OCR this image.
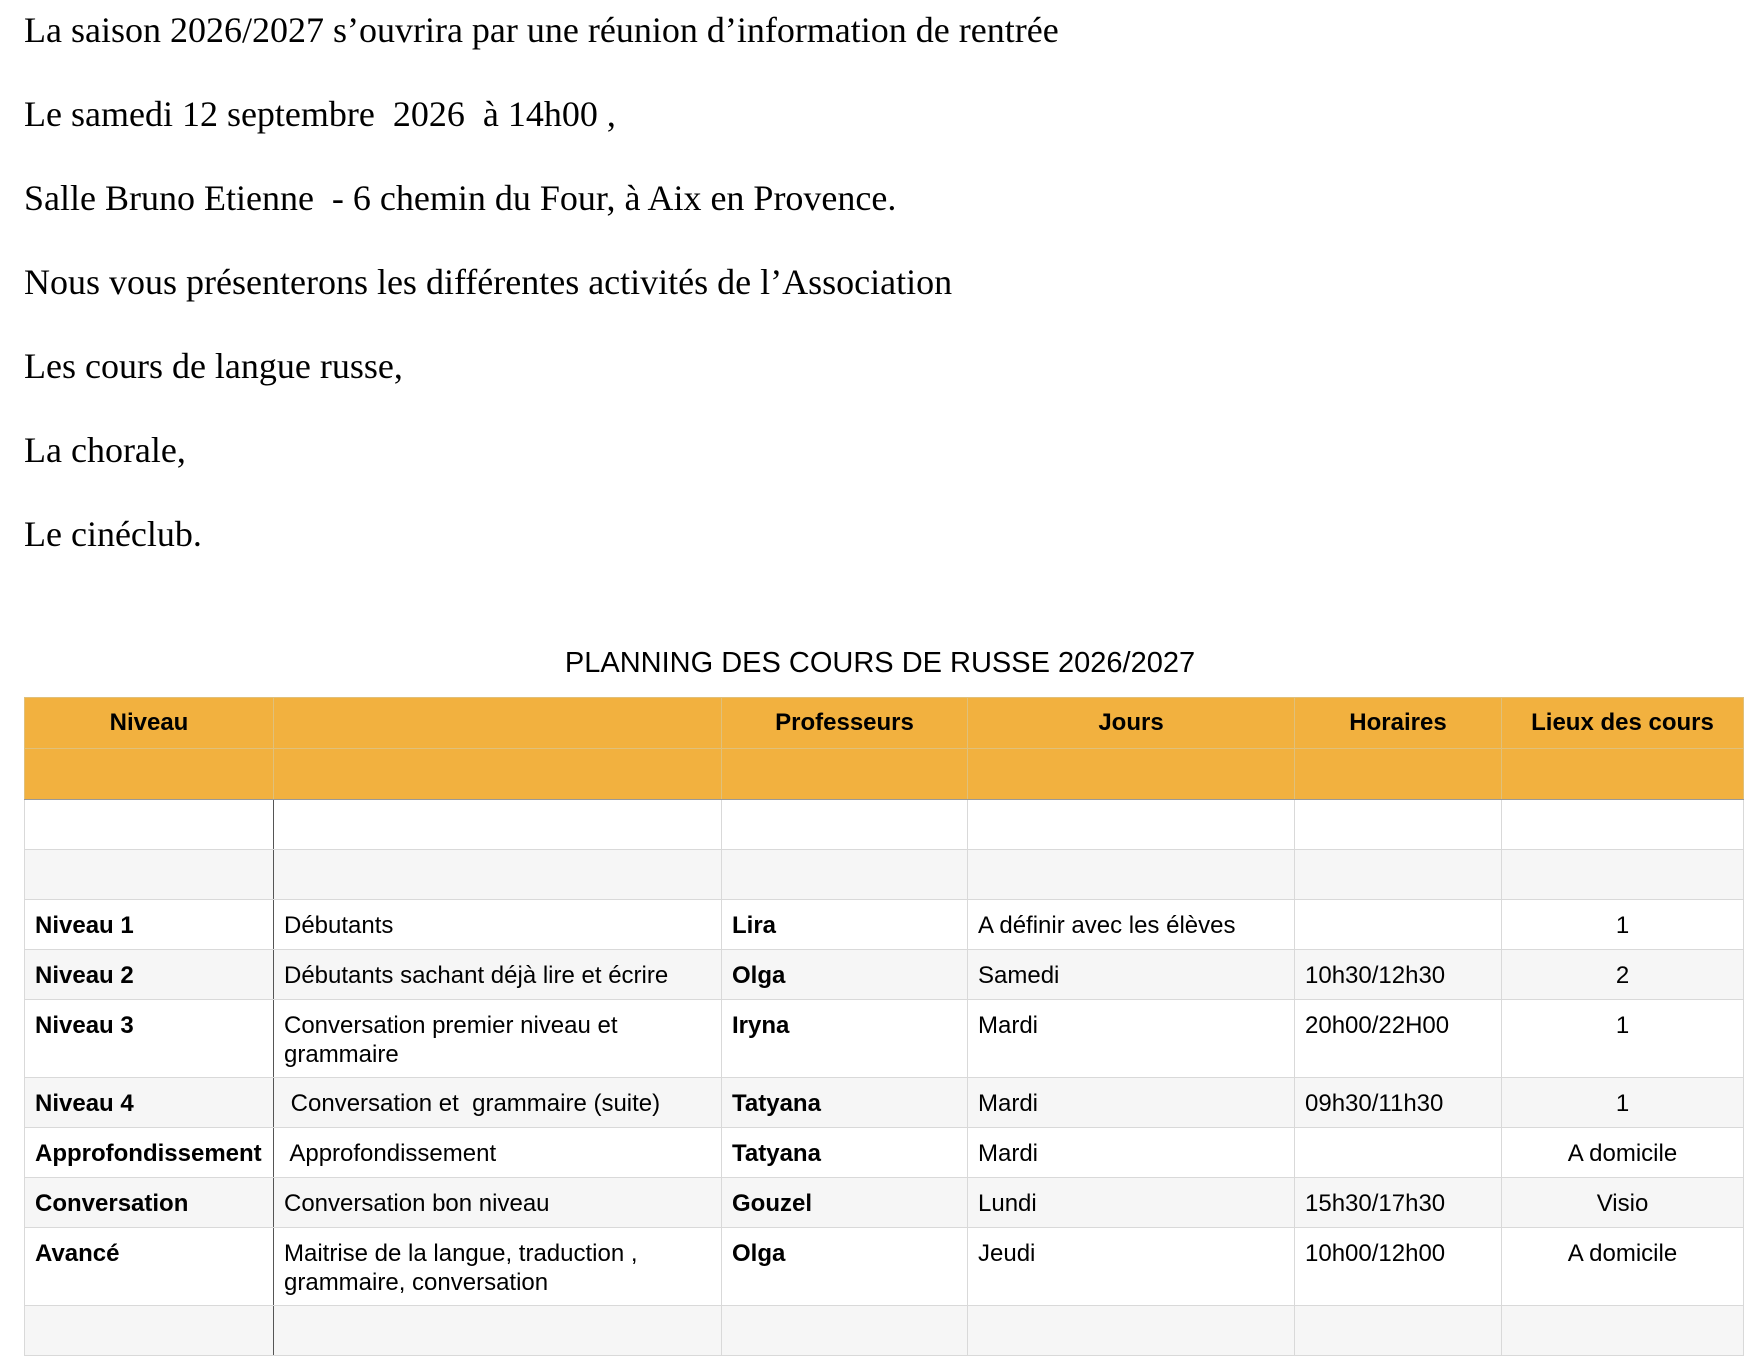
La saison 2026/2027 s’ouvrira par une réunion d’information de rentrée

Le samedi 12 septembre  2026  à 14h00 ,

Salle Bruno Etienne  - 6 chemin du Four, à Aix en Provence.

Nous vous présenterons les différentes activités de l’Association

Les cours de langue russe,

La chorale,

Le cinéclub.

PLANNING DES COURS DE RUSSE 2026/2027
Niveau		Professeurs	Jours	Horaires	Lieux des cours

Niveau 1	Débutants	Lira	A définir avec les élèves		1
Niveau 2	Débutants sachant déjà lire et écrire	Olga	Samedi	10h30/12h30	2
Niveau 3	Conversation premier niveau et grammaire	Iryna	Mardi	20h00/22H00	1
Niveau 4	Conversation et  grammaire (suite)	Tatyana	Mardi	09h30/11h30	1
Approfondissement	Approfondissement	Tatyana	Mardi		A domicile
Conversation	Conversation bon niveau	Gouzel	Lundi	15h30/17h30	Visio
Avancé	Maitrise de la langue, traduction , grammaire, conversation	Olga	Jeudi	10h00/12h00	A domicile
